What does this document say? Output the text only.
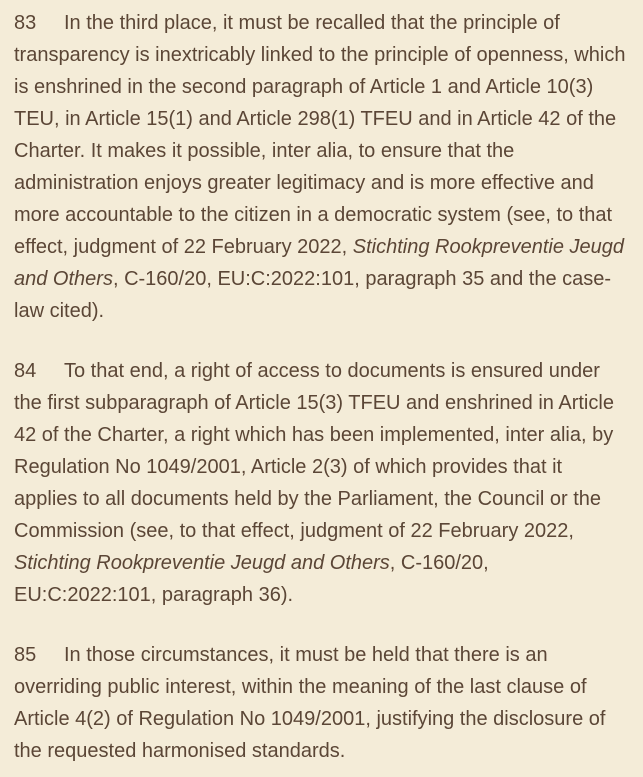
83 In the third place, it must be recalled that the principle of transparency is inextricably linked to the principle of openness, which is enshrined in the second paragraph of Article 1 and Article 10(3) TEU, in Article 15(1) and Article 298(1) TFEU and in Article 42 of the Charter. It makes it possible, inter alia, to ensure that the administration enjoys greater legitimacy and is more effective and more accountable to the citizen in a democratic system (see, to that effect, judgment of 22 February 2022, Stichting Rookpreventie Jeugd and Others, C-160/20, EU:C:2022:101, paragraph 35 and the case-law cited).

84 To that end, a right of access to documents is ensured under the first subparagraph of Article 15(3) TFEU and enshrined in Article 42 of the Charter, a right which has been implemented, inter alia, by Regulation No 1049/2001, Article 2(3) of which provides that it applies to all documents held by the Parliament, the Council or the Commission (see, to that effect, judgment of 22 February 2022, Stichting Rookpreventie Jeugd and Others, C-160/20, EU:C:2022:101, paragraph 36).

85 In those circumstances, it must be held that there is an overriding public interest, within the meaning of the last clause of Article 4(2) of Regulation No 1049/2001, justifying the disclosure of the requested harmonised standards.
